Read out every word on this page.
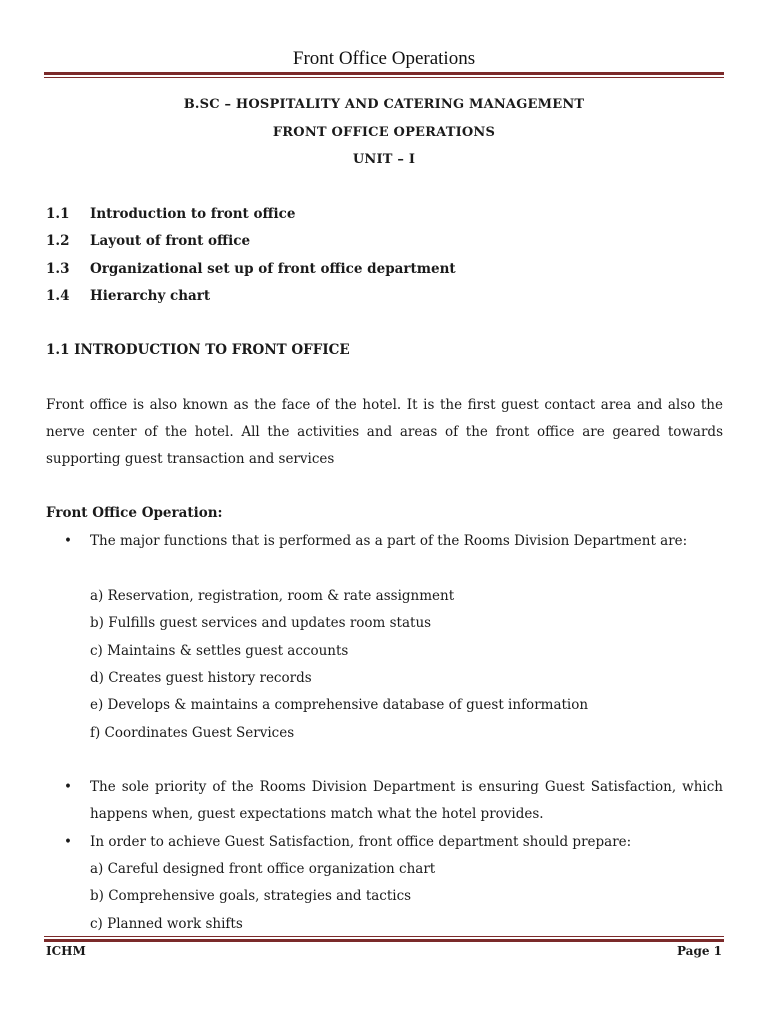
Front Office Operations
B.SC – HOSPITALITY AND CATERING MANAGEMENT
FRONT OFFICE OPERATIONS
UNIT – I
1.1 Introduction to front office
1.2 Layout of front office
1.3 Organizational set up of front office department
1.4 Hierarchy chart
1.1 INTRODUCTION TO FRONT OFFICE
Front office is also known as the face of the hotel. It is the first guest contact area and also the nerve center of the hotel. All the activities and areas of the front office are geared towards supporting guest transaction and services
Front Office Operation:
• The major functions that is performed as a part of the Rooms Division Department are:
a) Reservation, registration, room & rate assignment
b) Fulfills guest services and updates room status
c) Maintains & settles guest accounts
d) Creates guest history records
e) Develops & maintains a comprehensive database of guest information
f) Coordinates Guest Services
• The sole priority of the Rooms Division Department is ensuring Guest Satisfaction, which happens when, guest expectations match what the hotel provides.
• In order to achieve Guest Satisfaction, front office department should prepare:
a) Careful designed front office organization chart
b) Comprehensive goals, strategies and tactics
c) Planned work shifts
ICHM	Page 1
